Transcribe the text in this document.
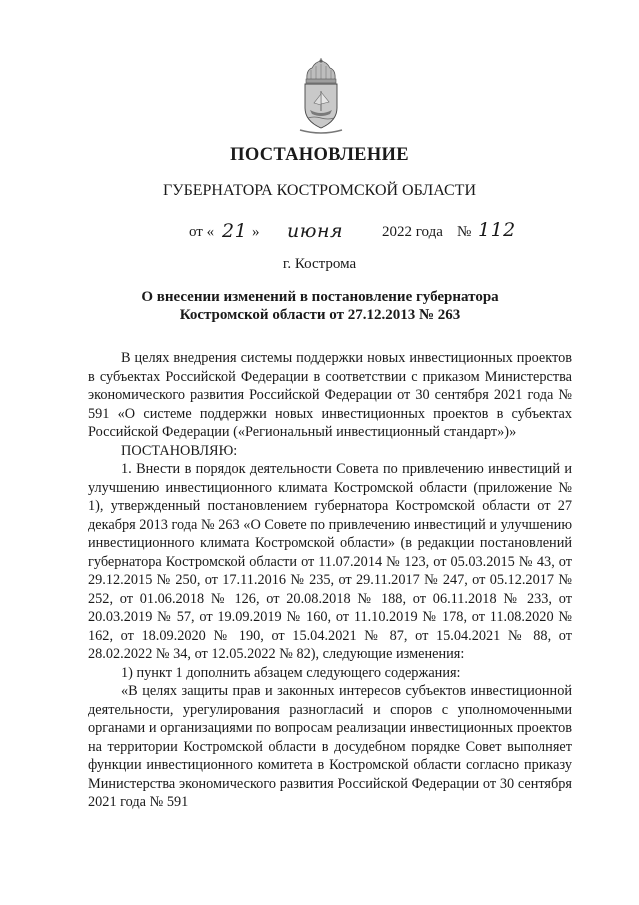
ПОСТАНОВЛЕНИЕ
ГУБЕРНАТОРА КОСТРОМСКОЙ ОБЛАСТИ
от « 21 » июня	2022 года № 112
г. Кострома
О внесении изменений в постановление губернатора
Костромской области от 27.12.2013 № 263

В целях внедрения системы поддержки новых инвестиционных проектов в субъектах Российской Федерации в соответствии с приказом Министерства экономического развития Российской Федерации от 30 сентября 2021 года № 591 «О системе поддержки новых инвестиционных проектов в субъектах Российской Федерации («Региональный инвестиционный стандарт»)»

ПОСТАНОВЛЯЮ:

1. Внести в порядок деятельности Совета по привлечению инвестиций и улучшению инвестиционного климата Костромской области (приложение № 1), утвержденный постановлением губернатора Костромской области от 27 декабря 2013 года № 263 «О Совете по привлечению инвестиций и улучшению инвестиционного климата Костромской области» (в редакции постановлений губернатора Костромской области от 11.07.2014 № 123, от 05.03.2015 № 43, от 29.12.2015 № 250, от 17.11.2016 № 235, от 29.11.2017 № 247, от 05.12.2017 № 252, от 01.06.2018 № 126, от 20.08.2018 № 188, от 06.11.2018 № 233, от 20.03.2019 № 57, от 19.09.2019 № 160, от 11.10.2019 № 178, от 11.08.2020 № 162, от 18.09.2020 № 190, от 15.04.2021 № 87, от 15.04.2021 № 88, от 28.02.2022 № 34, от 12.05.2022 № 82), следующие изменения:

1) пункт 1 дополнить абзацем следующего содержания:

«В целях защиты прав и законных интересов субъектов инвестиционной деятельности, урегулирования разногласий и споров с уполномоченными органами и организациями по вопросам реализации инвестиционных проектов на территории Костромской области в досудебном порядке Совет выполняет функции инвестиционного комитета в Костромской области согласно приказу Министерства экономического развития Российской Федерации от 30 сентября 2021 года № 591
